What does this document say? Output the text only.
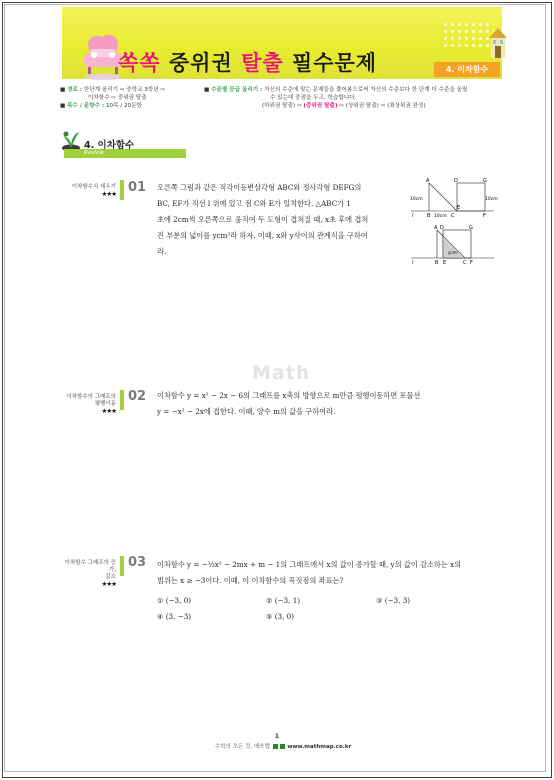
쏙쏙 중위권 탈출 필수문제	4. 이차함수
■ 경로 : 한단계 올리기 ⇨ 중학교 3학년 ⇨
이차함수 ⇨ 중위권 탈출
■ 목수 / 문항수 : 10목 / 20문항
■ 수준별 등급 올리기 : 자신의 수준에 맞는 문제들을 풀어봄으로써 자신의 수준보다 한 단계 더 수준을 올릴
수 있는데 중점을 두고, 학습합니다.
(하위권 탈출) ⇨ (중위권 탈출) ⇨ (상위권 탈출) ⇨ (최상위권 완성)
4. 이차함수
Review
이차함수식 세우기
★★★ 01 오른쪽 그림과 같은 직각이등변삼각형 ABC와 정사각형 DEFG의
BC, EF가 직선 l 위에 있고 점 C와 E가 일치한다. △ABC가 1
초에 2cm씩 오른쪽으로 움직여 두 도형이 겹쳐질 때, x초 후에 겹쳐
진 부분의 넓이를 ycm²라 하자. 이때, x와 y사이의 관계식을 구하여
라.
A	D	G
10cm	10cm
B 10cm C
E
F
l
D	G
A
ycm²
B E	C F
l
Math
이차함수의 그래프의
평행이동
★★★
02 이차함수 y = x² − 2x − 6의 그래프를 x축의 방향으로 m만큼 평행이동하면 포물선
y = −x² − 2x에 접한다. 이때, 양수 m의 값을 구하여라.
이차함수 그래프의 증가,
감소
★★★
03 이차함수 y = −⅓x² − 2mx + m − 1의 그래프에서 x의 값이 증가할 때, y의 값이 감소하는 x의
범위는 x ≥ −3이다. 이때, 이 이차함수의 꼭짓점의 좌표는?
① (−3, 0)	② (−3, 1)	③ (−3, 3)
④ (3, −3)	⑤ (3, 0)
1
수학의 모든 것, 매쓰맵	www.mathmap.co.kr
